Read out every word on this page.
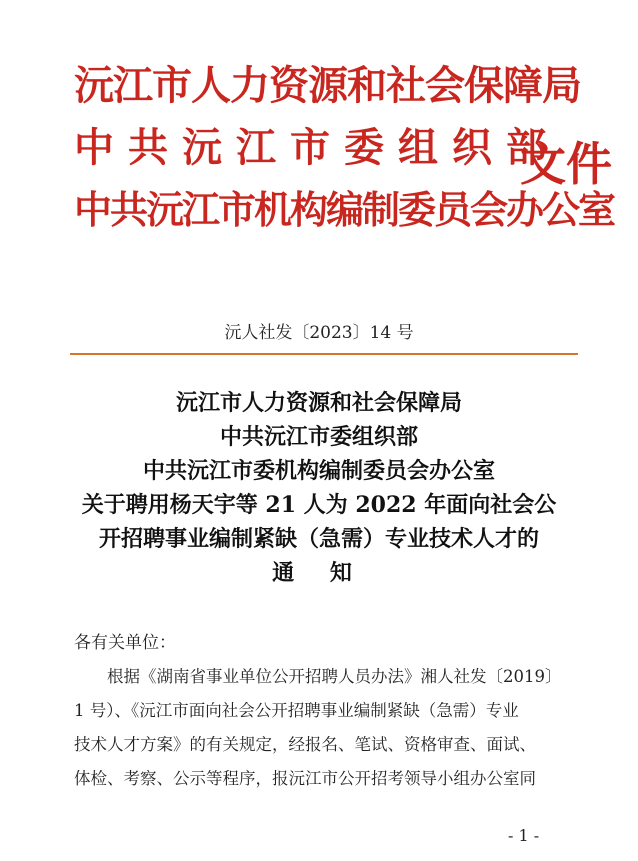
沅江市人力资源和社会保障局
中共沅江市委组织部
中共沅江市机构编制委员会办公室
文件
沅人社发〔2023〕14 号
沅江市人力资源和社会保障局
中共沅江市委组织部
中共沅江市委机构编制委员会办公室
关于聘用杨天宇等 21 人为 2022 年面向社会公
开招聘事业编制紧缺（急需）专业技术人才的
通 知
各有关单位：
根据《湖南省事业单位公开招聘人员办法》湘人社发〔2019〕
1 号）、《沅江市面向社会公开招聘事业编制紧缺（急需）专业
技术人才方案》的有关规定，经报名、笔试、资格审查、面试、
体检、考察、公示等程序，报沅江市公开招考领导小组办公室同
- 1 -
